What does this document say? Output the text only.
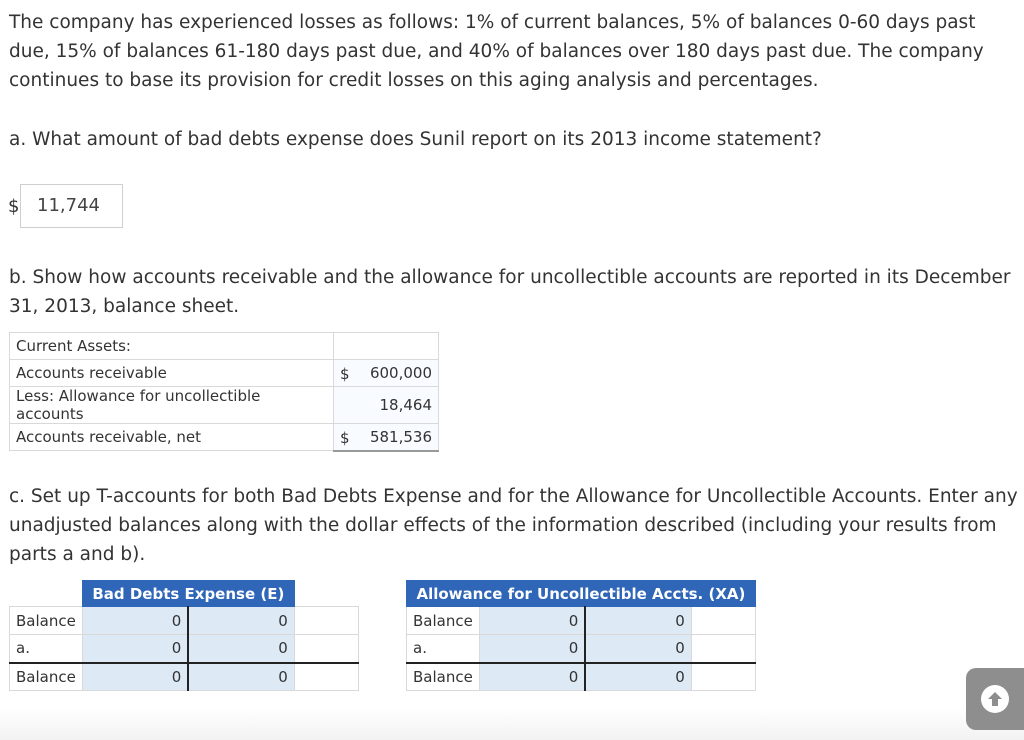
The company has experienced losses as follows: 1% of current balances, 5% of balances 0-60 days past due, 15% of balances 61-180 days past due, and 40% of balances over 180 days past due. The company continues to base its provision for credit losses on this aging analysis and percentages.

a. What amount of bad debts expense does Sunil report on its 2013 income statement?

$ 11,744

b. Show how accounts receivable and the allowance for uncollectible accounts are reported in its December 31, 2013, balance sheet.

Current Assets:	
Accounts receivable	$ 600,000
Less: Allowance for uncollectible accounts	18,464
Accounts receivable, net	$ 581,536

c. Set up T-accounts for both Bad Debts Expense and for the Allowance for Uncollectible Accounts. Enter any unadjusted balances along with the dollar effects of the information described (including your results from parts a and b).

	Bad Debts Expense (E)		
Balance	0	0	
a.	0	0	
Balance	0	0	
Allowance for Uncollectible Accts. (XA)			
Balance	0	0	
a.	0	0	
Balance	0	0	
